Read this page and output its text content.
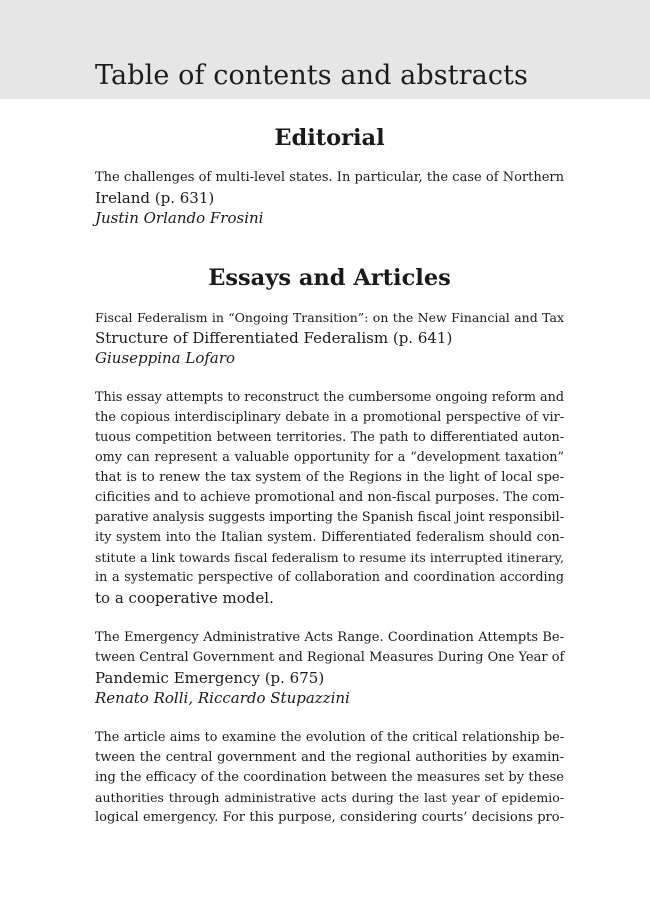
Table of contents and abstracts
Editorial

The challenges of multi-level states. In particular, the case of Northern
Ireland (p. 631)

Justin Orlando Frosini
Essays and Articles

Fiscal Federalism in “Ongoing Transition”: on the New Financial and Tax
Structure of Differentiated Federalism (p. 641)

Giuseppina Lofaro

This essay attempts to reconstruct the cumbersome ongoing reform and
the copious interdisciplinary debate in a promotional perspective of vir-
tuous competition between territories. The path to differentiated auton-
omy can represent a valuable opportunity for a “development taxation”
that is to renew the tax system of the Regions in the light of local spe-
cificities and to achieve promotional and non-fiscal purposes. The com-
parative analysis suggests importing the Spanish fiscal joint responsibil-
ity system into the Italian system. Differentiated federalism should con-
stitute a link towards fiscal federalism to resume its interrupted itinerary,
in a systematic perspective of collaboration and coordination according
to a cooperative model.

The Emergency Administrative Acts Range. Coordination Attempts Be-
tween Central Government and Regional Measures During One Year of
Pandemic Emergency (p. 675)

Renato Rolli, Riccardo Stupazzini

The article aims to examine the evolution of the critical relationship be-
tween the central government and the regional authorities by examin-
ing the efficacy of the coordination between the measures set by these
authorities through administrative acts during the last year of epidemio-
logical emergency. For this purpose, considering courts’ decisions pro-
